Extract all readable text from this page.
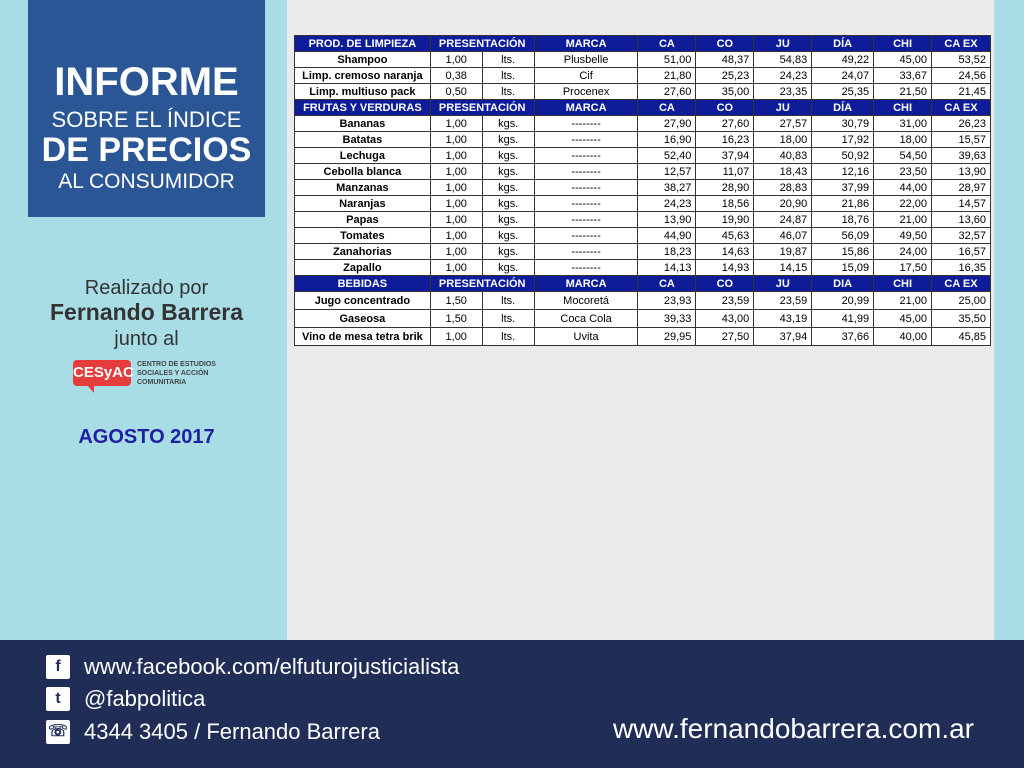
INFORME
SOBRE EL ÍNDICE
DE PRECIOS
AL CONSUMIDOR
Realizado por
Fernando Barrera
junto al
CESyAC CENTRO DE ESTUDIOS SOCIALES Y ACCIÓN COMUNITARIA
AGOSTO 2017
PROD. DE LIMPIEZA	PRESENTACIÓN		MARCA	CA	CO	JU	DÍA	CHI	CA EX
Shampoo	1,00	lts.	Plusbelle	51,00	48,37	54,83	49,22	45,00	53,52
Limp. cremoso naranja	0,38	lts.	Cif	21,80	25,23	24,23	24,07	33,67	24,56
Limp. multiuso pack	0,50	lts.	Procenex	27,60	35,00	23,35	25,35	21,50	21,45
FRUTAS Y VERDURAS	PRESENTACIÓN		MARCA	CA	CO	JU	DÍA	CHI	CA EX
Bananas	1,00	kgs.	--------	27,90	27,60	27,57	30,79	31,00	26,23
Batatas	1,00	kgs.	--------	16,90	16,23	18,00	17,92	18,00	15,57
Lechuga	1,00	kgs.	--------	52,40	37,94	40,83	50,92	54,50	39,63
Cebolla blanca	1,00	kgs.	--------	12,57	11,07	18,43	12,16	23,50	13,90
Manzanas	1,00	kgs.	--------	38,27	28,90	28,83	37,99	44,00	28,97
Naranjas	1,00	kgs.	--------	24,23	18,56	20,90	21,86	22,00	14,57
Papas	1,00	kgs.	--------	13,90	19,90	24,87	18,76	21,00	13,60
Tomates	1,00	kgs.	--------	44,90	45,63	46,07	56,09	49,50	32,57
Zanahorias	1,00	kgs.	--------	18,23	14,63	19,87	15,86	24,00	16,57
Zapallo	1,00	kgs.	--------	14,13	14,93	14,15	15,09	17,50	16,35
BEBIDAS	PRESENTACIÓN		MARCA	CA	CO	JU	DIA	CHI	CA EX
Jugo concentrado	1,50	lts.	Mocoretá	23,93	23,59	23,59	20,99	21,00	25,00
Gaseosa	1,50	lts.	Coca Cola	39,33	43,00	43,19	41,99	45,00	35,50
Vino de mesa tetra brik	1,00	lts.	Uvita	29,95	27,50	37,94	37,66	40,00	45,85
f	www.facebook.com/elfuturojusticialista
t	@fabpolitica
☏ 4344 3405 / Fernando Barrera	www.fernandobarrera.com.ar
